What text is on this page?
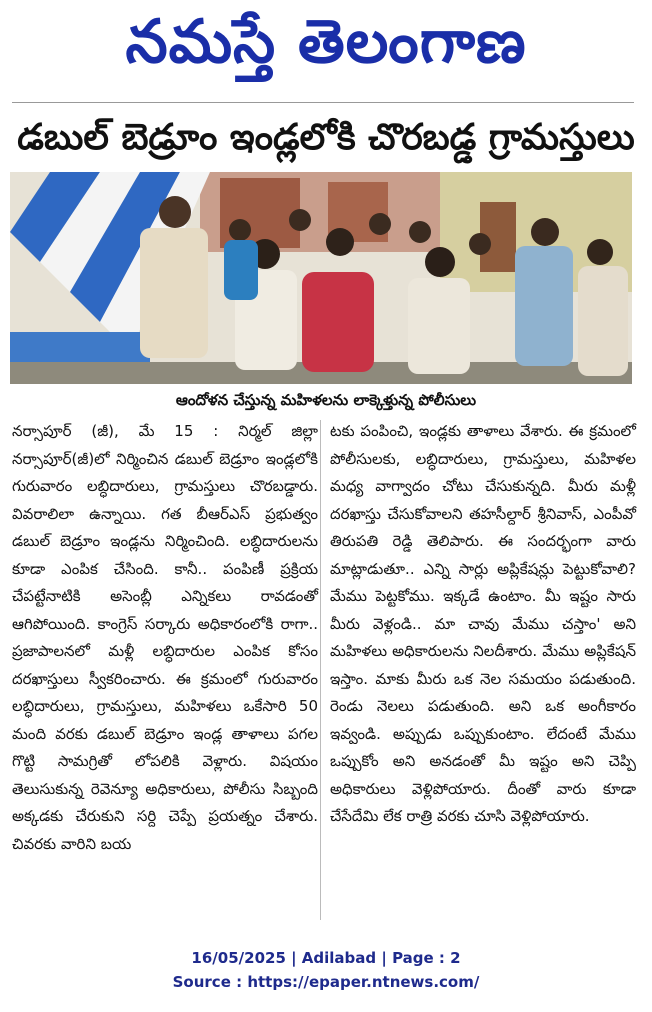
నమస్తే తెలంగాణ
డబుల్ బెడ్రూం ఇండ్లలోకి చొరబడ్డ గ్రామస్తులు
ఆందోళన చేస్తున్న మహిళలను లాక్కెళ్తున్న పోలీసులు

నర్సాపూర్ (జీ), మే 15 : నిర్మల్ జిల్లా నర్సాపూర్(జీ)లో నిర్మించిన డబుల్ బెడ్రూం ఇండ్లలోకి గురువారం లబ్ధిదారులు, గ్రామస్తులు చొరబడ్డారు. వివరాలిలా ఉన్నాయి. గత బీఆర్ఎస్ ప్రభుత్వం డబుల్ బెడ్రూం ఇండ్లను నిర్మించింది. లబ్ధిదారులను కూడా ఎంపిక చేసింది. కానీ.. పంపిణీ ప్రక్రియ చేపట్టేనాటికి అసెంబ్లీ ఎన్నికలు రావడంతో ఆగిపోయింది. కాంగ్రెస్ సర్కారు అధికారంలోకి రాగా.. ప్రజాపాలనలో మళ్లీ లబ్ధిదారుల ఎంపిక కోసం దరఖాస్తులు స్వీకరించారు. ఈ క్రమంలో గురువారం లబ్ధిదారులు, గ్రామస్తులు, మహిళలు ఒకేసారి 50 మంది వరకు డబుల్ బెడ్రూం ఇండ్ల తాళాలు పగల గొట్టి సామగ్రితో లోపలికి వెళ్లారు. విషయం తెలుసుకున్న రెవెన్యూ అధికారులు, పోలీసు సిబ్బంది అక్కడకు చేరుకుని సర్ది చెప్పే ప్రయత్నం చేశారు. చివరకు వారిని బయ

టకు పంపించి, ఇండ్లకు తాళాలు వేశారు. ఈ క్రమంలో పోలీసులకు, లబ్ధిదారులు, గ్రామస్తులు, మహిళల మధ్య వాగ్వాదం చోటు చేసుకున్నది. మీరు మళ్లీ దరఖాస్తు చేసుకోవాలని తహసీల్దార్ శ్రీనివాస్, ఎంపీవో తిరుపతి రెడ్డి తెలిపారు. ఈ సందర్భంగా వారు మాట్లాడుతూ.. ఎన్ని సార్లు అప్లికేషన్లు పెట్టుకోవాలి? మేము పెట్టకోము. ఇక్కడే ఉంటాం. మీ ఇష్టం సారు మీరు వెళ్లండి.. మా చావు మేము చస్తాం' అని మహిళలు అధికారులను నిలదీశారు. మేము అప్లికేషన్ ఇస్తాం. మాకు మీరు ఒక నెల సమయం పడుతుంది. రెండు నెలలు పడుతుంది. అని ఒక అంగీకారం ఇవ్వండి. అప్పుడు ఒప్పుకుంటాం. లేదంటే మేము ఒప్పుకోం అని అనడంతో మీ ఇష్టం అని చెప్పి అధికారులు వెళ్లిపోయారు. దీంతో వారు కూడా చేసేదేమి లేక రాత్రి వరకు చూసి వెళ్లిపోయారు.

16/05/2025 | Adilabad | Page : 2
Source : https://epaper.ntnews.com/
